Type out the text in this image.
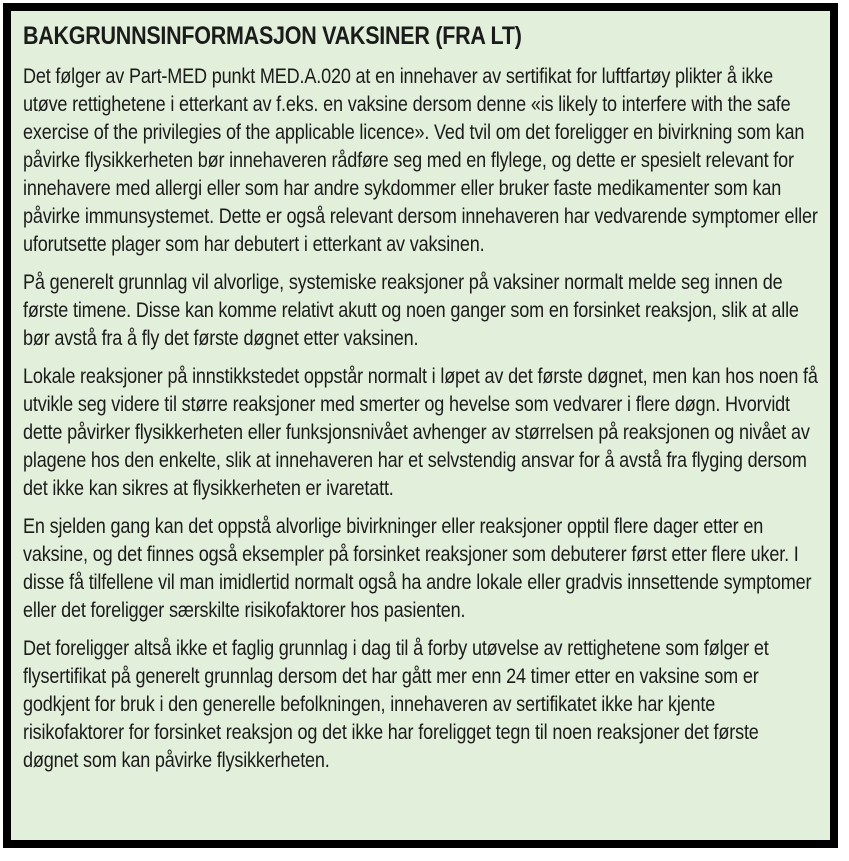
BAKGRUNNSINFORMASJON VAKSINER (FRA LT)

Det følger av Part-MED punkt MED.A.020 at en innehaver av sertifikat for luftfartøy plikter å ikke utøve rettighetene i etterkant av f.eks. en vaksine dersom denne «is likely to interfere with the safe exercise of the privilegies of the applicable licence». Ved tvil om det foreligger en bivirkning som kan påvirke flysikkerheten bør innehaveren rådføre seg med en flylege, og dette er spesielt relevant for innehavere med allergi eller som har andre sykdommer eller bruker faste medikamenter som kan påvirke immunsystemet. Dette er også relevant dersom innehaveren har vedvarende symptomer eller uforutsette plager som har debutert i etterkant av vaksinen.

På generelt grunnlag vil alvorlige, systemiske reaksjoner på vaksiner normalt melde seg innen de første timene. Disse kan komme relativt akutt og noen ganger som en forsinket reaksjon, slik at alle bør avstå fra å fly det første døgnet etter vaksinen.

Lokale reaksjoner på innstikkstedet oppstår normalt i løpet av det første døgnet, men kan hos noen få utvikle seg videre til større reaksjoner med smerter og hevelse som vedvarer i flere døgn. Hvorvidt dette påvirker flysikkerheten eller funksjonsnivået avhenger av størrelsen på reaksjonen og nivået av plagene hos den enkelte, slik at innehaveren har et selvstendig ansvar for å avstå fra flyging dersom det ikke kan sikres at flysikkerheten er ivaretatt.

En sjelden gang kan det oppstå alvorlige bivirkninger eller reaksjoner opptil flere dager etter en vaksine, og det finnes også eksempler på forsinket reaksjoner som debuterer først etter flere uker. I disse få tilfellene vil man imidlertid normalt også ha andre lokale eller gradvis innsettende symptomer eller det foreligger særskilte risikofaktorer hos pasienten.

Det foreligger altså ikke et faglig grunnlag i dag til å forby utøvelse av rettighetene som følger et flysertifikat på generelt grunnlag dersom det har gått mer enn 24 timer etter en vaksine som er godkjent for bruk i den generelle befolkningen, innehaveren av sertifikatet ikke har kjente risikofaktorer for forsinket reaksjon og det ikke har foreligget tegn til noen reaksjoner det første døgnet som kan påvirke flysikkerheten.
